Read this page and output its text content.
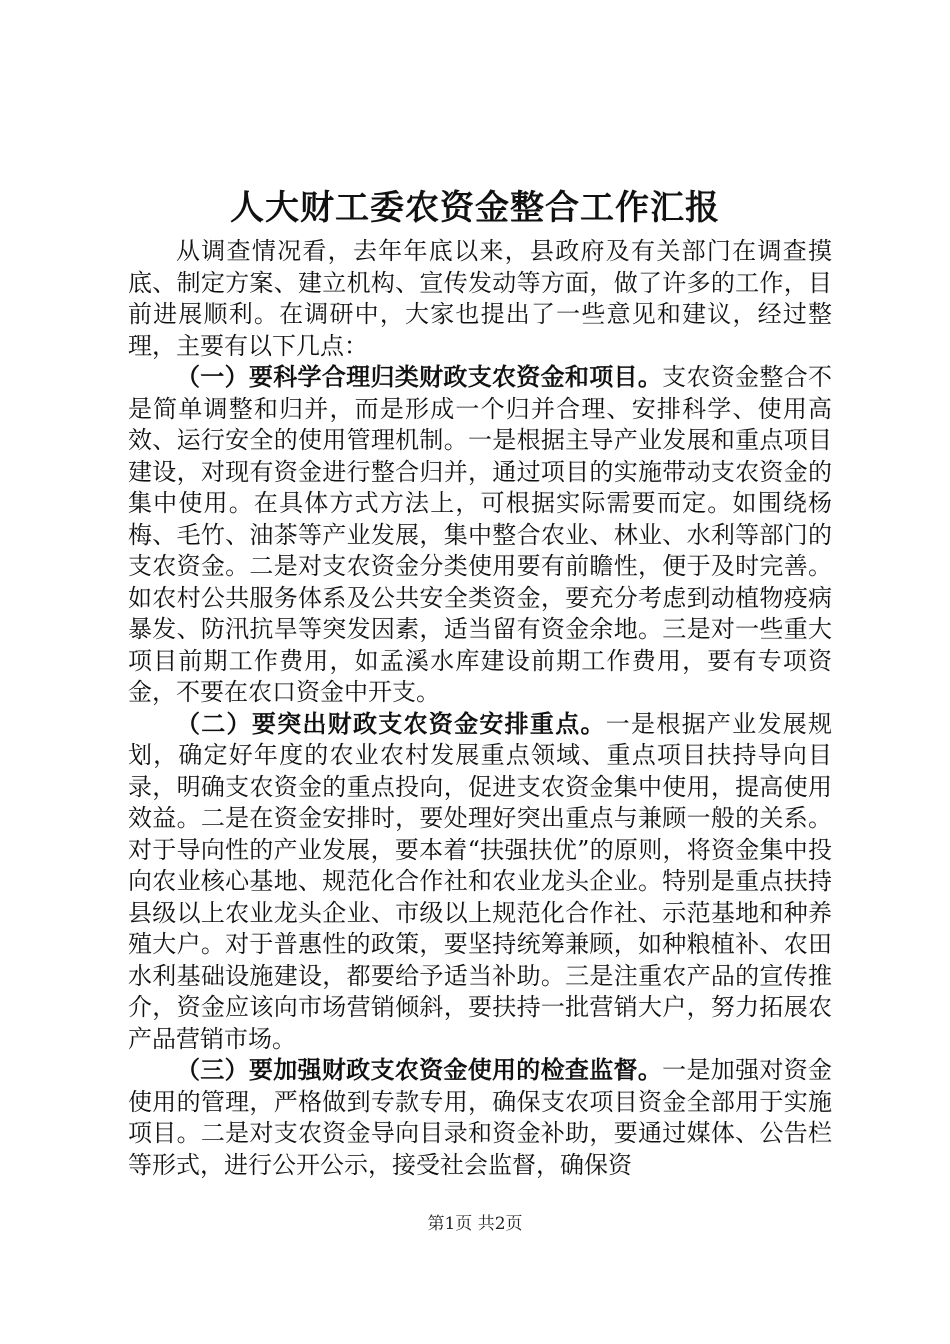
人大财工委农资金整合工作汇报

从调查情况看，去年年底以来，县政府及有关部门在调查摸底、制定方案、建立机构、宣传发动等方面，做了许多的工作，目前进展顺利。在调研中，大家也提出了一些意见和建议，经过整理，主要有以下几点：

（一）要科学合理归类财政支农资金和项目。支农资金整合不是简单调整和归并，而是形成一个归并合理、安排科学、使用高效、运行安全的使用管理机制。一是根据主导产业发展和重点项目建设，对现有资金进行整合归并，通过项目的实施带动支农资金的集中使用。在具体方式方法上，可根据实际需要而定。如围绕杨梅、毛竹、油茶等产业发展，集中整合农业、林业、水利等部门的支农资金。二是对支农资金分类使用要有前瞻性，便于及时完善。如农村公共服务体系及公共安全类资金，要充分考虑到动植物疫病暴发、防汛抗旱等突发因素，适当留有资金余地。三是对一些重大项目前期工作费用，如孟溪水库建设前期工作费用，要有专项资金，不要在农口资金中开支。

（二）要突出财政支农资金安排重点。一是根据产业发展规划，确定好年度的农业农村发展重点领域、重点项目扶持导向目录，明确支农资金的重点投向，促进支农资金集中使用，提高使用效益。二是在资金安排时，要处理好突出重点与兼顾一般的关系。对于导向性的产业发展，要本着“扶强扶优”的原则，将资金集中投向农业核心基地、规范化合作社和农业龙头企业。特别是重点扶持县级以上农业龙头企业、市级以上规范化合作社、示范基地和种养殖大户。对于普惠性的政策，要坚持统筹兼顾，如种粮植补、农田水利基础设施建设，都要给予适当补助。三是注重农产品的宣传推介，资金应该向市场营销倾斜，要扶持一批营销大户，努力拓展农产品营销市场。

（三）要加强财政支农资金使用的检查监督。一是加强对资金使用的管理，严格做到专款专用，确保支农项目资金全部用于实施项目。二是对支农资金导向目录和资金补助，要通过媒体、公告栏等形式，进行公开公示，接受社会监督，确保资

第1页 共2页
